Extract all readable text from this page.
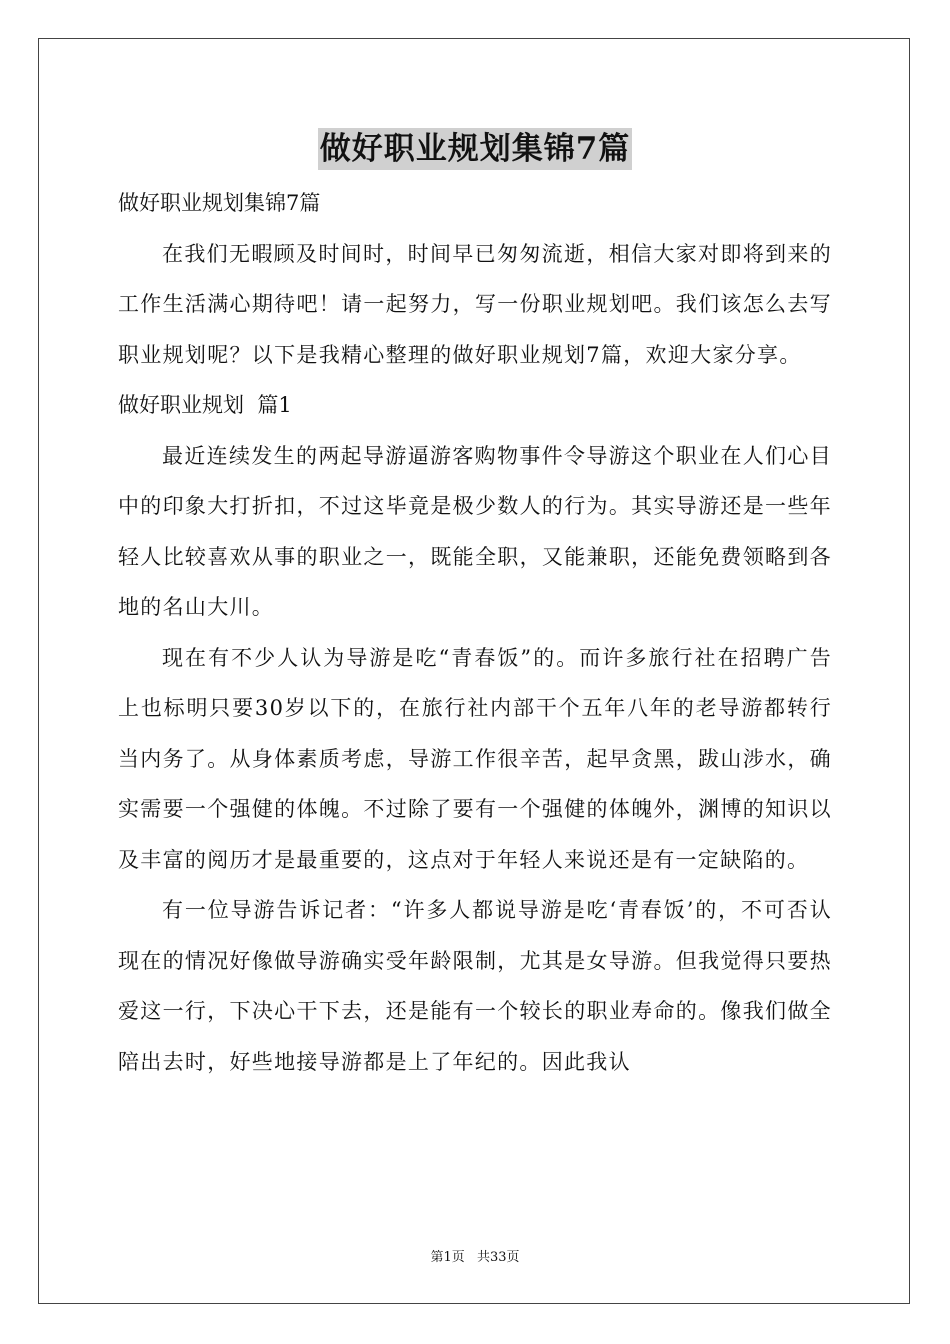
做好职业规划集锦7篇

做好职业规划集锦7篇

在我们无暇顾及时间时，时间早已匆匆流逝，相信大家对即将到来的工作生活满心期待吧！请一起努力，写一份职业规划吧。我们该怎么去写职业规划呢？以下是我精心整理的做好职业规划7篇，欢迎大家分享。

做好职业规划  篇1

最近连续发生的两起导游逼游客购物事件令导游这个职业在人们心目中的印象大打折扣，不过这毕竟是极少数人的行为。其实导游还是一些年轻人比较喜欢从事的职业之一，既能全职，又能兼职，还能免费领略到各地的名山大川。

现在有不少人认为导游是吃“青春饭”的。而许多旅行社在招聘广告上也标明只要30岁以下的，在旅行社内部干个五年八年的老导游都转行当内务了。从身体素质考虑，导游工作很辛苦，起早贪黑，跋山涉水，确实需要一个强健的体魄。不过除了要有一个强健的体魄外，渊博的知识以及丰富的阅历才是最重要的，这点对于年轻人来说还是有一定缺陷的。

有一位导游告诉记者：“许多人都说导游是吃‘青春饭’的，不可否认现在的情况好像做导游确实受年龄限制，尤其是女导游。但我觉得只要热爱这一行，下决心干下去，还是能有一个较长的职业寿命的。像我们做全陪出去时，好些地接导游都是上了年纪的。因此我认

第1页 共33页
